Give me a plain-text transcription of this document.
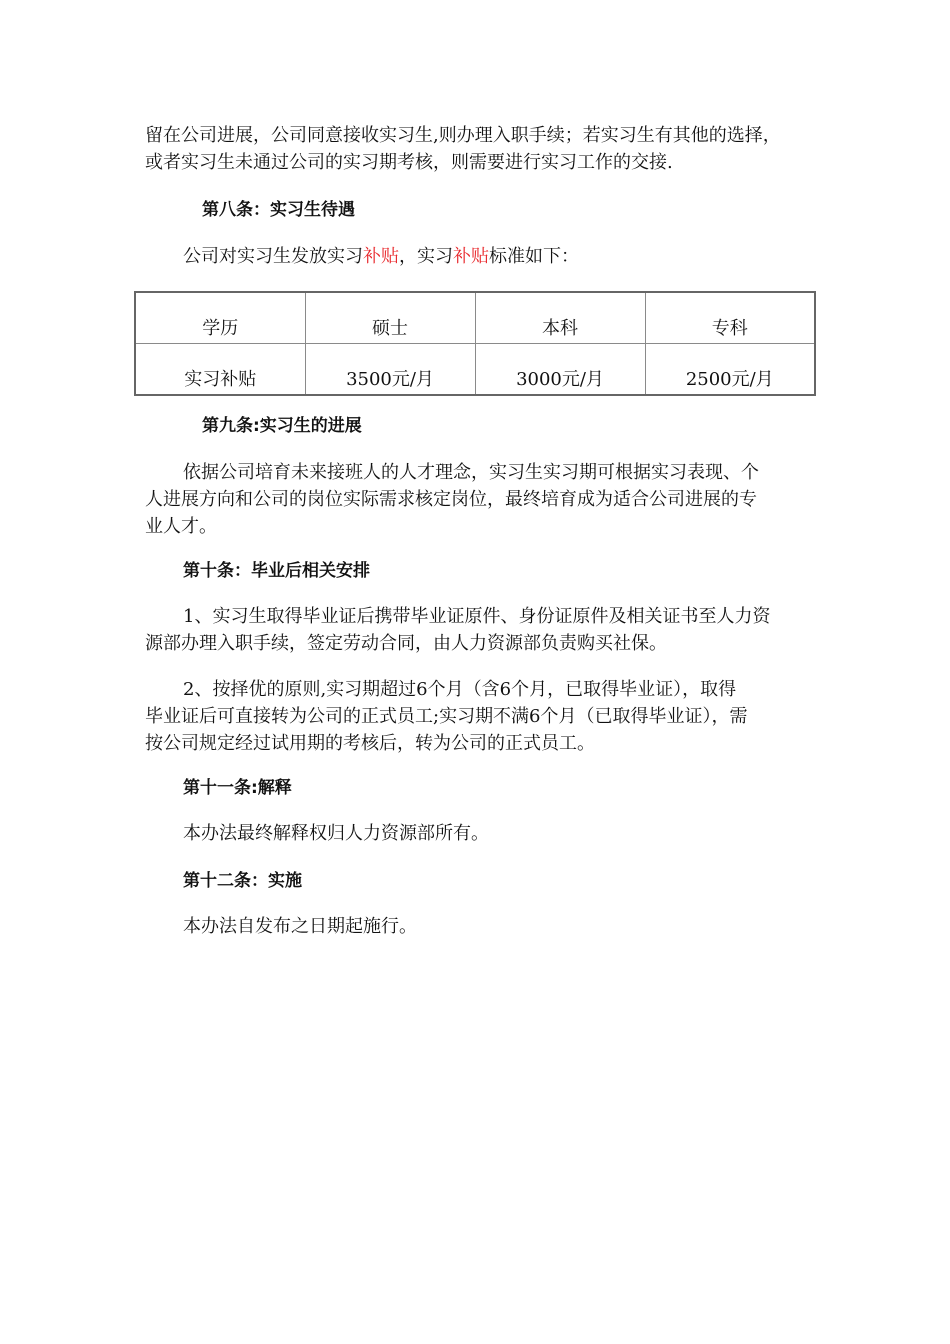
留在公司进展，公司同意接收实习生,则办理入职手续；若实习生有其他的选择，
或者实习生未通过公司的实习期考核，则需要进行实习工作的交接.
第八条：实习生待遇
公司对实习生发放实习补贴，实习补贴标准如下：
学历	硕士	本科	专科
实习补贴	3500元/月	3000元/月	2500元/月
第九条:实习生的进展
依据公司培育未来接班人的人才理念，实习生实习期可根据实习表现、个
人进展方向和公司的岗位实际需求核定岗位，最终培育成为适合公司进展的专
业人才。
第十条：毕业后相关安排
1、实习生取得毕业证后携带毕业证原件、身份证原件及相关证书至人力资
源部办理入职手续，签定劳动合同，由人力资源部负责购买社保。
2、按择优的原则,实习期超过6个月（含6个月，已取得毕业证），取得
毕业证后可直接转为公司的正式员工;实习期不满6个月（已取得毕业证），需
按公司规定经过试用期的考核后，转为公司的正式员工。
第十一条:解释
本办法最终解释权归人力资源部所有。
第十二条：实施
本办法自发布之日期起施行。
